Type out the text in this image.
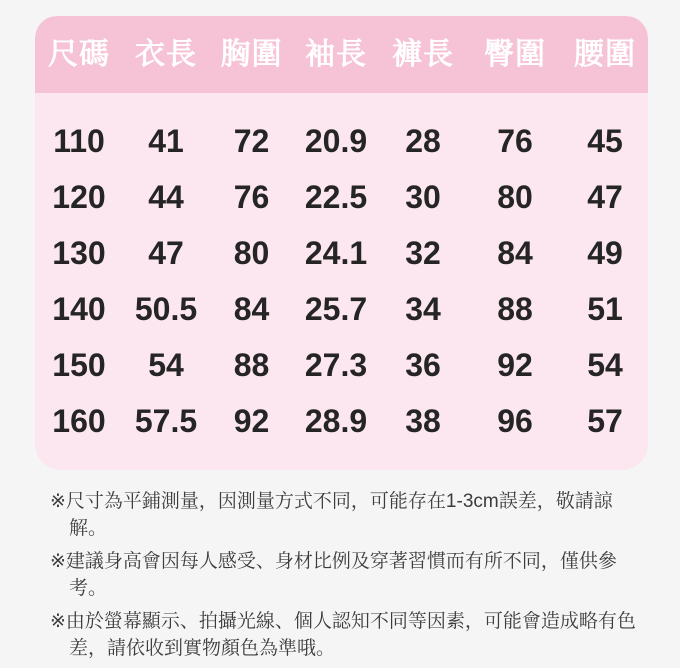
尺碼 衣長 胸圍 袖長 褲長	臀圍 腰圍
110	41	72	20.9	28	76	45
120	44	76	22.5	30	80	47
130	47	80	24.1	32	84	49
140 50.5	84	25.7	34	88	51
150	54	88	27.3	36	92	54
160 57.5	92	28.9	38	96	57

※尺寸為平鋪測量，因測量方式不同，可能存在1-3cm誤差，敬請諒解。

※建議身高會因每人感受、身材比例及穿著習慣而有所不同，僅供參考。

※由於螢幕顯示、拍攝光線、個人認知不同等因素，可能會造成略有色差，請依收到實物顏色為準哦。
